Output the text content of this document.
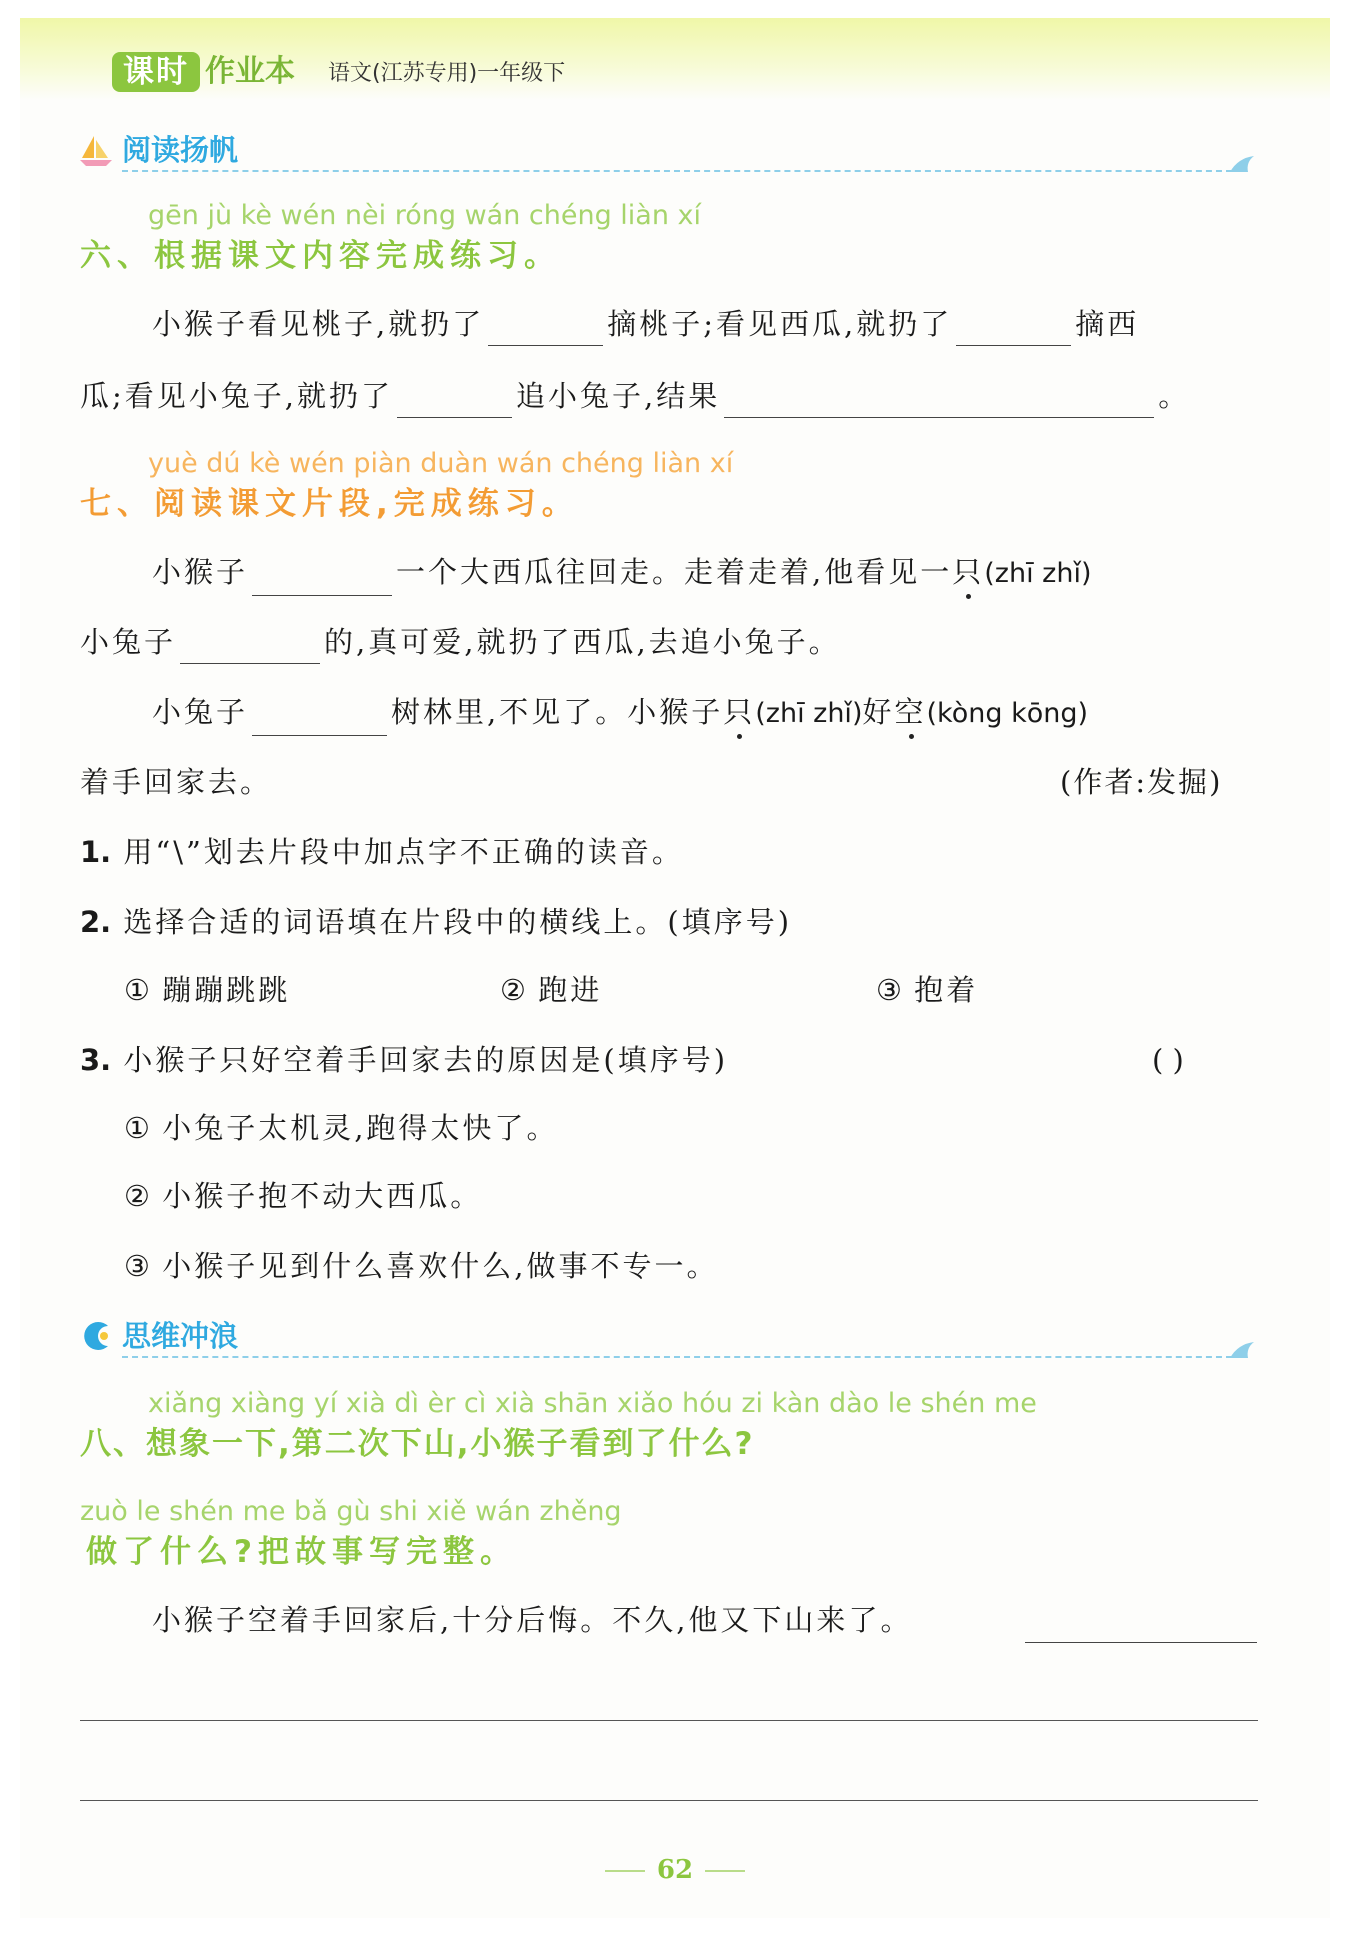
课时 作业本 语文(江苏专用)一年级下
阅读扬帆
gēn jù kè wén nèi róng wán chéng liàn xí
六、根据课文内容完成练习。
小猴子看见桃子,就扔了	摘桃子;看见西瓜,就扔了	摘西
瓜;看见小兔子,就扔了	追小兔子,结果	。
yuè dú kè wén piàn duàn wán chéng liàn xí
七、阅读课文片段,完成练习。
小猴子	一个大西瓜往回走。走着走着,他看见一只(zhī zhǐ)
小兔子	的,真可爱,就扔了西瓜,去追小兔子。
小兔子	树林里,不见了。小猴子只(zhī zhǐ)好空(kòng kōng)
着手回家去。	(作者:发掘)
1. 用“\”划去片段中加点字不正确的读音。
2. 选择合适的词语填在片段中的横线上。(填序号)
① 蹦蹦跳跳	② 跑进	③ 抱着
3. 小猴子只好空着手回家去的原因是(填序号)	( )
① 小兔子太机灵,跑得太快了。
② 小猴子抱不动大西瓜。
③ 小猴子见到什么喜欢什么,做事不专一。
思维冲浪
xiǎng xiàng yí xià dì èr cì xià shān xiǎo hóu zi kàn dào le shén me
八、想象一下,第二次下山,小猴子看到了什么?
zuò le shén me bǎ gù shi xiě wán zhěng
做了什么?把故事写完整。
小猴子空着手回家后,十分后悔。不久,他又下山来了。
62
